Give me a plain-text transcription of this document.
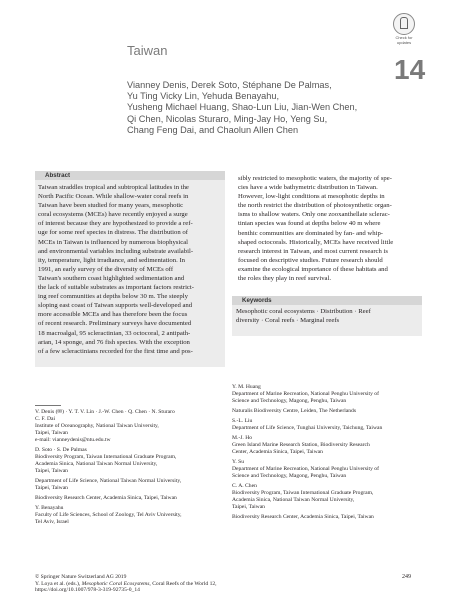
Check for
updates
Taiwan
14
Vianney Denis, Derek Soto, Stéphane De Palmas,
Yu Ting Vicky Lin, Yehuda Benayahu,
Yusheng Michael Huang, Shao-Lun Liu, Jian-Wen Chen,
Qi Chen, Nicolas Sturaro, Ming-Jay Ho, Yeng Su,
Chang Feng Dai, and Chaolun Allen Chen
Abstract
Taiwan straddles tropical and subtropical latitudes in the
North Pacific Ocean. While shallow-water coral reefs in
Taiwan have been studied for many years, mesophotic
coral ecosystems (MCEs) have recently enjoyed a surge
of interest because they are hypothesized to provide a ref-
uge for some reef species in distress. The distribution of
MCEs in Taiwan is influenced by numerous biophysical
and environmental variables including substrate availabil-
ity, temperature, light irradiance, and sedimentation. In
1991, an early survey of the diversity of MCEs off
Taiwan's southern coast highlighted sedimentation and
the lack of suitable substrates as important factors restrict-
ing reef communities at depths below 30 m. The steeply
sloping east coast of Taiwan supports well-developed and
more accessible MCEs and has therefore been the focus
of recent research. Preliminary surveys have documented
18 macroalgal, 95 scleractinian, 33 octocoral, 2 antipath-
arian, 14 sponge, and 76 fish species. With the exception
of a few scleractinians recorded for the first time and pos-
sibly restricted to mesophotic waters, the majority of spe-
cies have a wide bathymetric distribution in Taiwan.
However, low-light conditions at mesophotic depths in
the north restrict the distribution of photosynthetic organ-
isms to shallow waters. Only one zooxanthellate sclerac-
tinian species was found at depths below 40 m where
benthic communities are dominated by fan- and whip-
shaped octocorals. Historically, MCEs have received little
research interest in Taiwan, and most current research is
focused on descriptive studies. Future research should
examine the ecological importance of these habitats and
the roles they play in reef survival.
Keywords
Mesophotic coral ecosystems · Distribution · Reef
diversity · Coral reefs · Marginal reefs

V. Denis (✉) · Y. T. V. Lin · J.-W. Chen · Q. Chen · N. Sturaro
C. F. Dai
Institute of Oceanography, National Taiwan University,
Taipei, Taiwan
e-mail: vianneydenis@ntu.edu.tw

D. Soto · S. De Palmas
Biodiversity Program, Taiwan International Graduate Program,
Academia Sinica, National Taiwan Normal University,
Taipei, Taiwan

Department of Life Science, National Taiwan Normal University,
Taipei, Taiwan

Biodiversity Research Center, Academia Sinica, Taipei, Taiwan

Y. Benayahu
Faculty of Life Sciences, School of Zoology, Tel Aviv University,
Tel Aviv, Israel

Y. M. Huang
Department of Marine Recreation, National Penghu University of
Science and Technology, Magong, Penghu, Taiwan

Naturalis Biodiversity Centre, Leiden, The Netherlands

S.-L. Liu
Department of Life Science, Tunghai University, Taichung, Taiwan

M.-J. Ho
Green Island Marine Research Station, Biodiversity Research
Center, Academia Sinica, Taipei, Taiwan

Y. Su
Department of Marine Recreation, National Penghu University of
Science and Technology, Magong, Penghu, Taiwan

C. A. Chen
Biodiversity Program, Taiwan International Graduate Program,
Academia Sinica, National Taiwan Normal University,
Taipei, Taiwan

Biodiversity Research Center, Academia Sinica, Taipei, Taiwan

© Springer Nature Switzerland AG 2019
Y. Loya et al. (eds.), Mesophotic Coral Ecosystems, Coral Reefs of the World 12,
https://doi.org/10.1007/978-3-319-92735-0_14
249
